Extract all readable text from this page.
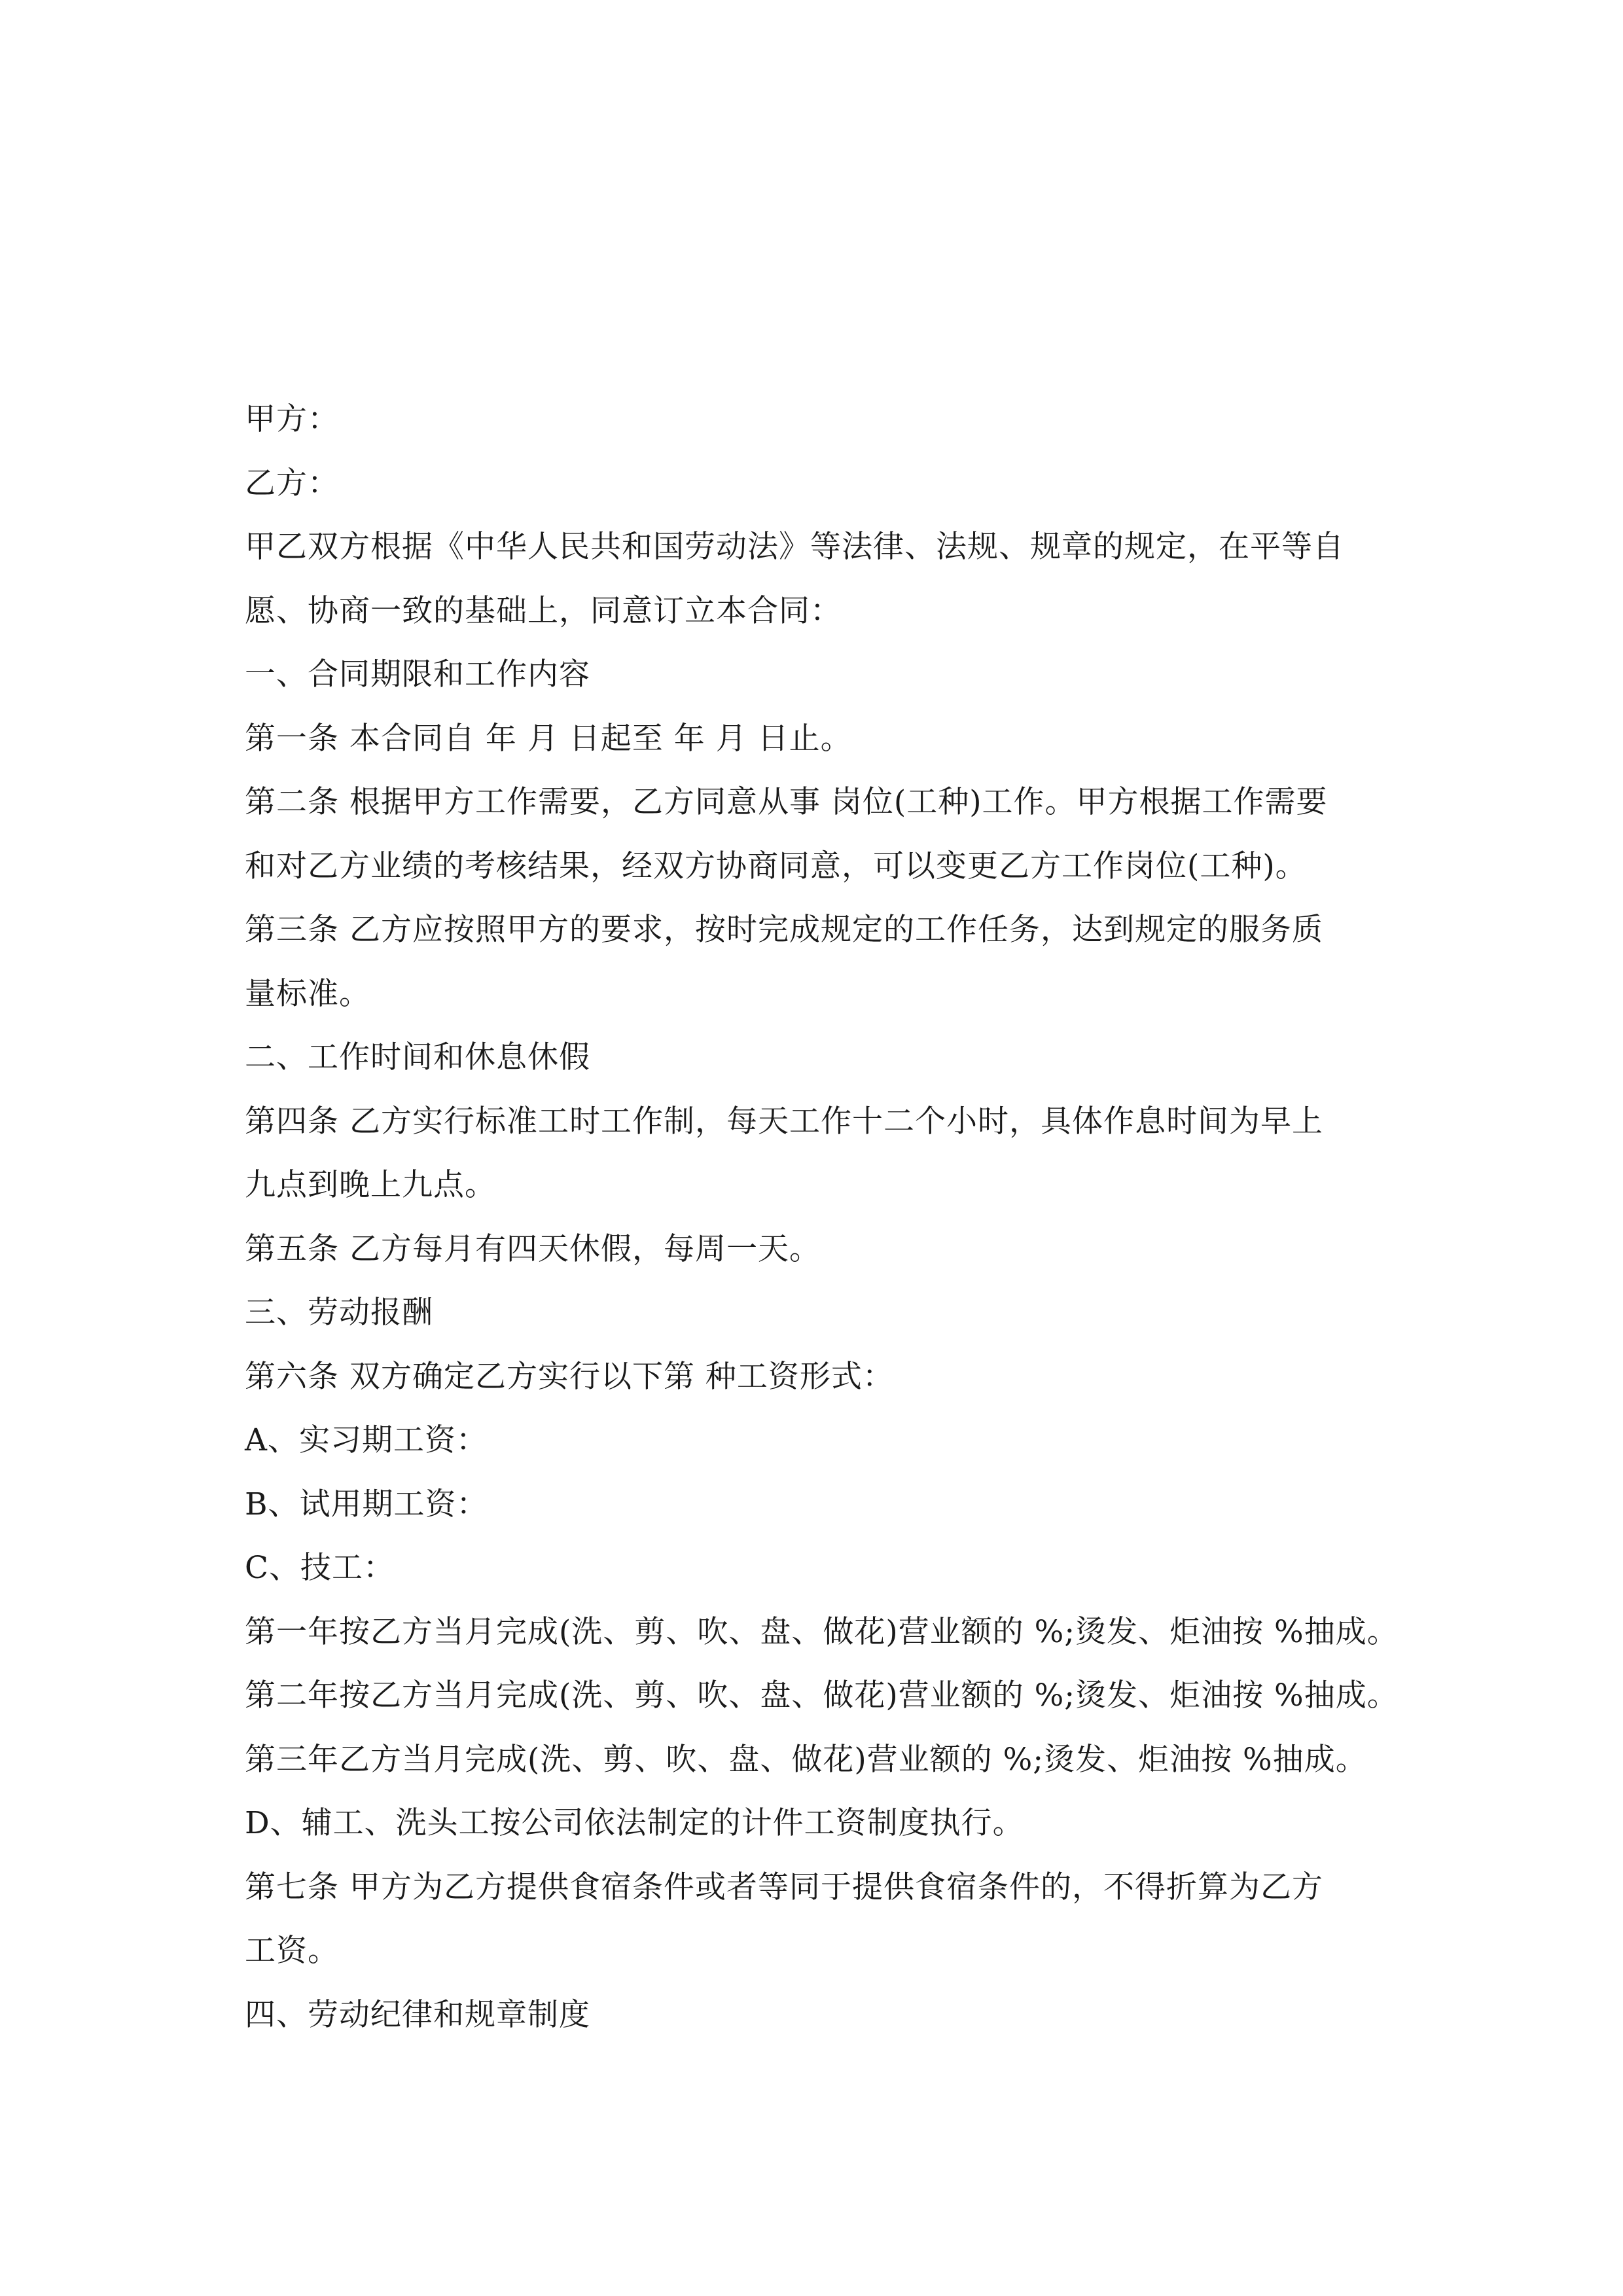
甲方：
乙方：
甲乙双方根据《中华人民共和国劳动法》等法律、法规、规章的规定，在平等自
愿、协商一致的基础上，同意订立本合同：
一、合同期限和工作内容
第一条 本合同自 年 月 日起至 年 月 日止。
第二条 根据甲方工作需要，乙方同意从事 岗位(工种)工作。甲方根据工作需要
和对乙方业绩的考核结果，经双方协商同意，可以变更乙方工作岗位(工种)。
第三条 乙方应按照甲方的要求，按时完成规定的工作任务，达到规定的服务质
量标准。
二、工作时间和休息休假
第四条 乙方实行标准工时工作制，每天工作十二个小时，具体作息时间为早上
九点到晚上九点。
第五条 乙方每月有四天休假，每周一天。
三、劳动报酬
第六条 双方确定乙方实行以下第 种工资形式：
A、实习期工资：
B、试用期工资：
C、技工：
第一年按乙方当月完成(洗、剪、吹、盘、做花)营业额的 %;烫发、炬油按 %抽成。
第二年按乙方当月完成(洗、剪、吹、盘、做花)营业额的 %;烫发、炬油按 %抽成。
第三年乙方当月完成(洗、剪、吹、盘、做花)营业额的 %;烫发、炬油按 %抽成。
D、辅工、洗头工按公司依法制定的计件工资制度执行。
第七条 甲方为乙方提供食宿条件或者等同于提供食宿条件的，不得折算为乙方
工资。
四、劳动纪律和规章制度
